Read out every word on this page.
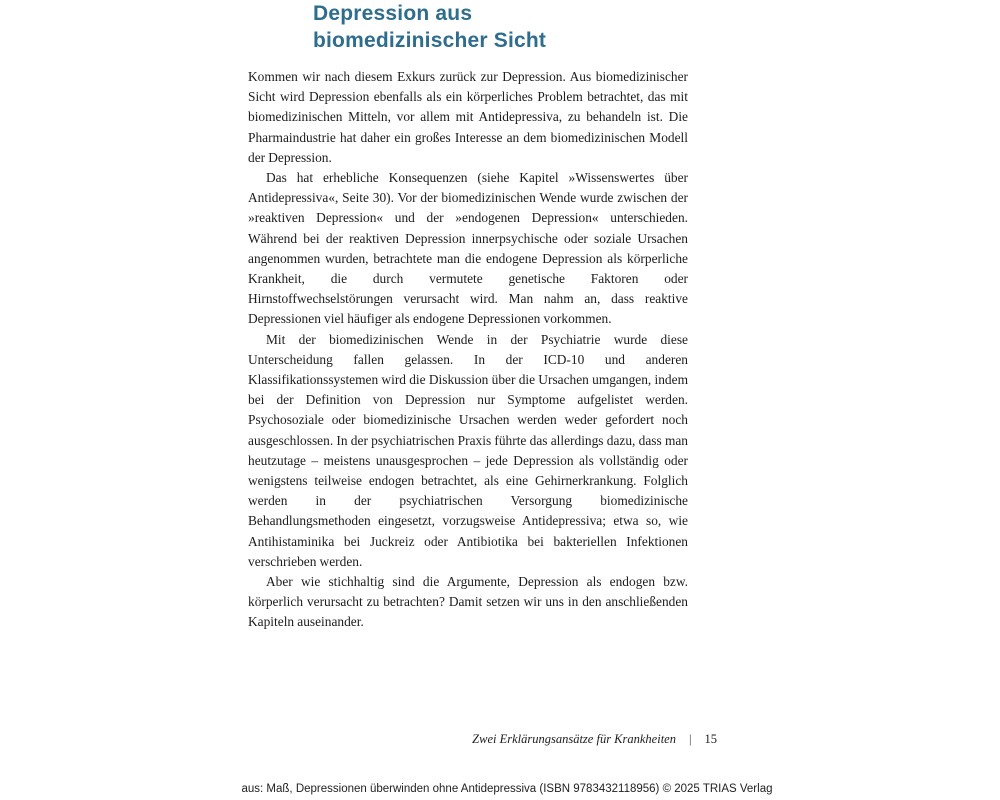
Depression aus
biomedizinischer Sicht

Kommen wir nach diesem Exkurs zurück zur Depression. Aus biomedizinischer Sicht wird Depression ebenfalls als ein körperliches Problem betrachtet, das mit biomedizinischen Mitteln, vor allem mit Antidepressiva, zu behandeln ist. Die Pharmaindustrie hat daher ein großes Interesse an dem biomedizinischen Modell der Depression.

Das hat erhebliche Konsequenzen (siehe Kapitel »Wissenswertes über Antidepressiva«, Seite 30). Vor der biomedizinischen Wende wurde zwischen der »reaktiven Depression« und der »endogenen Depression« unterschieden. Während bei der reaktiven Depression innerpsychische oder soziale Ursachen angenommen wurden, betrachtete man die endogene Depression als körperliche Krankheit, die durch vermutete genetische Faktoren oder Hirnstoffwechselstörungen verursacht wird. Man nahm an, dass reaktive Depressionen viel häufiger als endogene Depressionen vorkommen.

Mit der biomedizinischen Wende in der Psychiatrie wurde diese Unterscheidung fallen gelassen. In der ICD-10 und anderen Klassifikationssystemen wird die Diskussion über die Ursachen umgangen, indem bei der Definition von Depression nur Symptome aufgelistet werden. Psychosoziale oder biomedizinische Ursachen werden weder gefordert noch ausgeschlossen. In der psychiatrischen Praxis führte das allerdings dazu, dass man heutzutage – meistens unausgesprochen – jede Depression als vollständig oder wenigstens teilweise endogen betrachtet, als eine Gehirnerkrankung. Folglich werden in der psychiatrischen Versorgung biomedizinische Behandlungsmethoden eingesetzt, vorzugsweise Antidepressiva; etwa so, wie Antihistaminika bei Juckreiz oder Antibiotika bei bakteriellen Infektionen verschrieben werden.

Aber wie stichhaltig sind die Argumente, Depression als endogen bzw. körperlich verursacht zu betrachten? Damit setzen wir uns in den anschließenden Kapiteln auseinander.

Zwei Erklärungsansätze für Krankheiten | 15
aus: Maß, Depressionen überwinden ohne Antidepressiva (ISBN 9783432118956) © 2025 TRIAS Verlag
